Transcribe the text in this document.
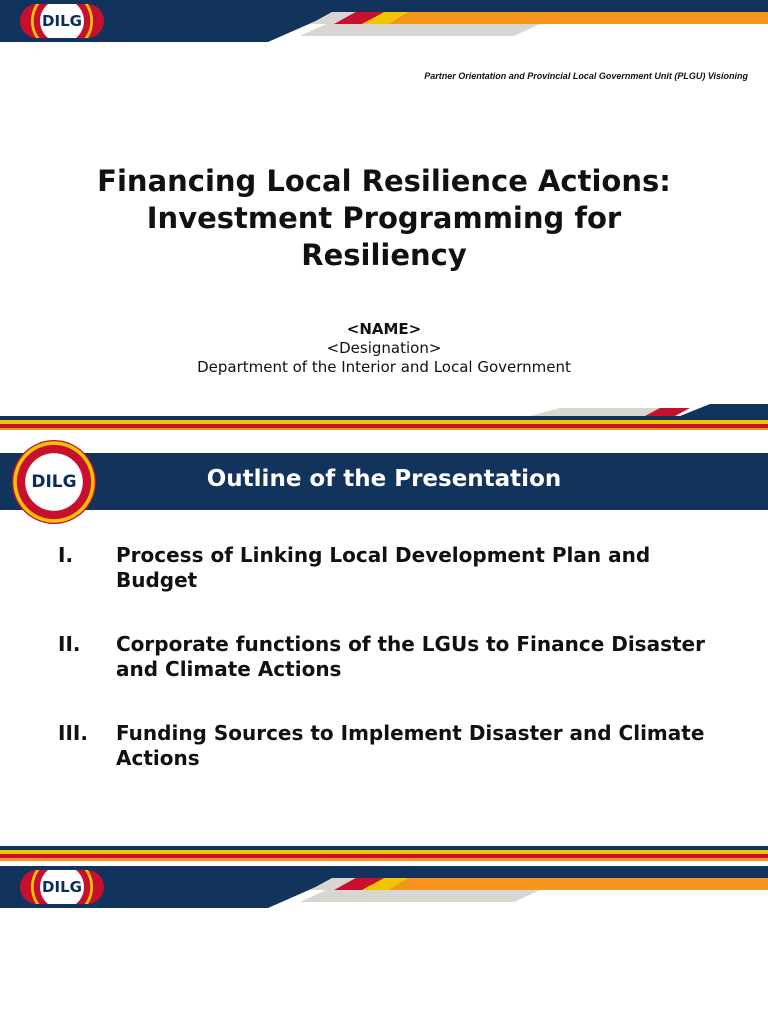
DILG
Partner Orientation and Provincial Local Government Unit (PLGU) Visioning
Financing Local Resilience Actions:
Investment Programming for
Resiliency
<NAME>
<Designation>
Department of the Interior and Local Government
DILG	Outline of the Presentation
I.	Process of Linking Local Development Plan and Budget
II.	Corporate functions of the LGUs to Finance Disaster and Climate Actions
III.	Funding Sources to Implement Disaster and Climate Actions
DILG
